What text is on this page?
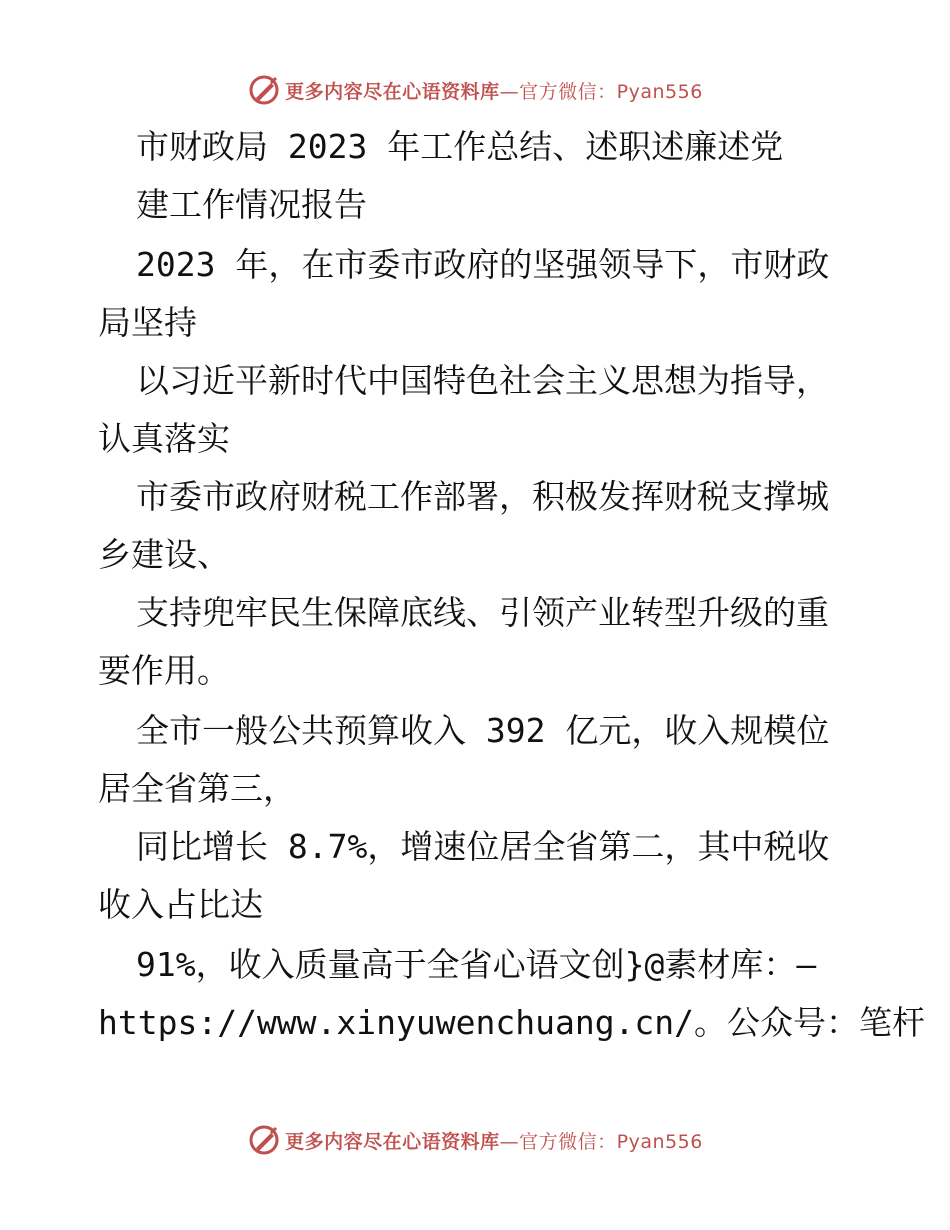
更多内容尽在心语资料库—官方微信：Pyan556
市财政局 2023 年工作总结、述职述廉述党
建工作情况报告
2023 年，在市委市政府的坚强领导下，市财政
局坚持
以习近平新时代中国特色社会主义思想为指导，
认真落实
市委市政府财税工作部署，积极发挥财税支撑城
乡建设、
支持兜牢民生保障底线、引领产业转型升级的重
要作用。
全市一般公共预算收入 392 亿元，收入规模位
居全省第三，
同比增长 8.7%，增速位居全省第二，其中税收
收入占比达
91%，收入质量高于全省心语文创}@素材库：—
https://www.xinyuwenchuang.cn/。公众号：笔杆
更多内容尽在心语资料库—官方微信：Pyan556
